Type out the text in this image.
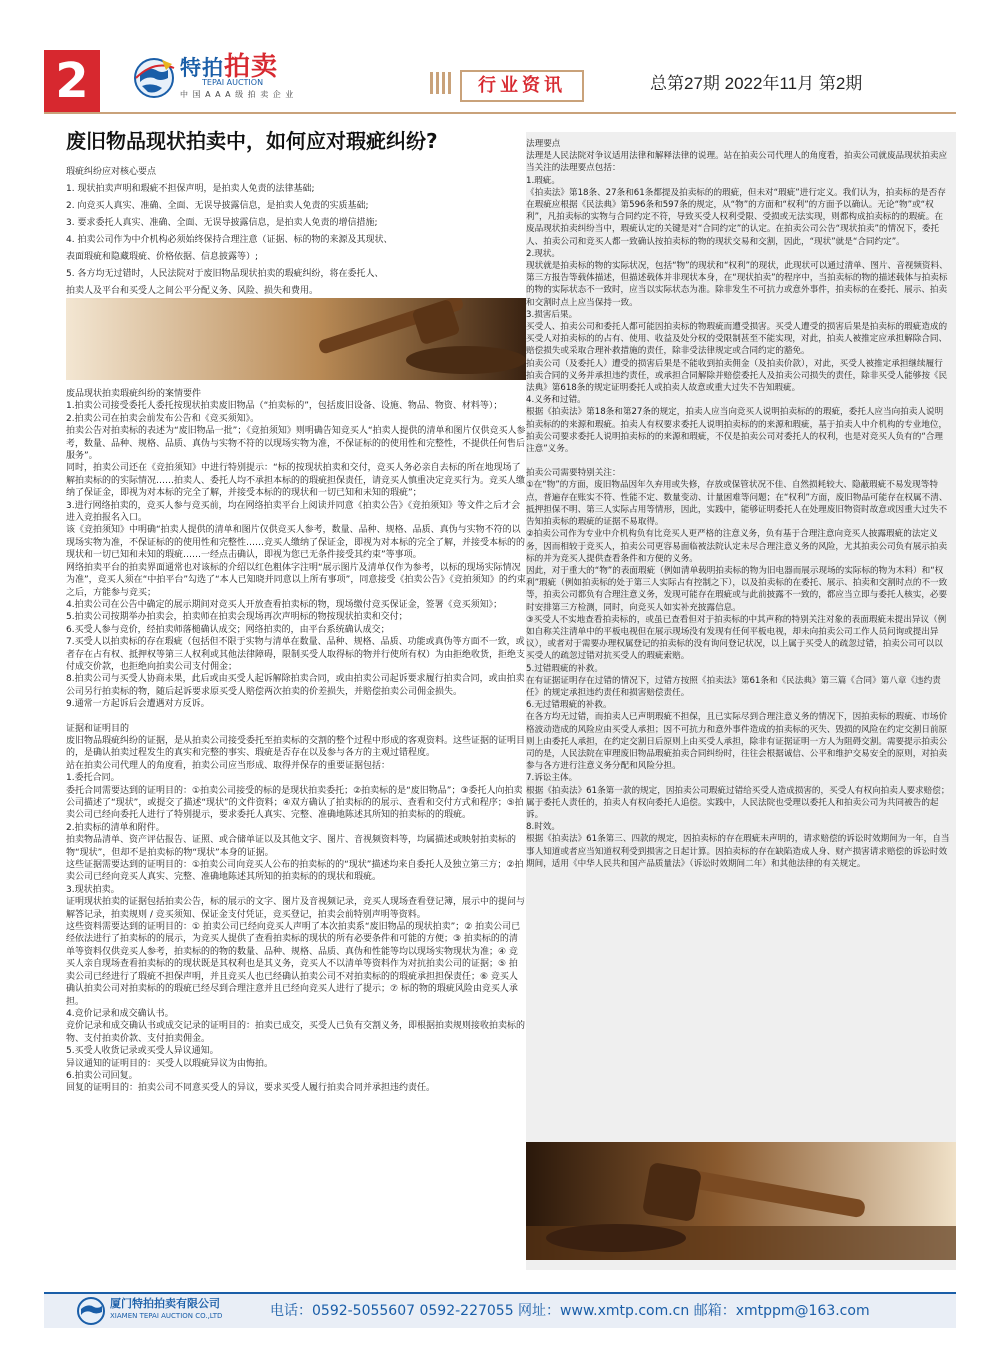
2	特拍拍卖
TEPAI AUCTION
中 国 A A A 级 拍 卖 企 业	行业资讯	总第27期 2022年11月 第2期
废旧物品现状拍卖中，如何应对瑕疵纠纷?

瑕疵纠纷应对核心要点

1. 现状拍卖声明和瑕疵不担保声明，是拍卖人免责的法律基础;

2. 向竞买人真实、准确、全面、无误导披露信息，是拍卖人免责的实质基础;

3. 要求委托人真实、准确、全面、无误导披露信息，是拍卖人免责的增信措施;

4. 拍卖公司作为中介机构必须始终保持合理注意（证据、标的物的来源及其现状、

表面瑕疵和隐藏瑕疵、价格依据、信息披露等）;

5. 各方均无过错时，人民法院对于废旧物品现状拍卖的瑕疵纠纷，将在委托人、

拍卖人及平台和买受人之间公平分配义务、风险、损失和费用。

废品现状拍卖瑕疵纠纷的案情要件

1.拍卖公司接受委托人委托按现状拍卖废旧物品（“拍卖标的”，包括废旧设备、设施、物品、物资、材料等）；

2.拍卖公司在拍卖会前发布公告和《竞买须知》。

拍卖公告对拍卖标的表述为“废旧物品一批”；《竞拍须知》则明确告知竞买人“拍卖人提供的清单和图片仅供竞买人参考，数量、品种、规格、品质、真伪与实物不符的以现场实物为准，不保证标的的使用性和完整性，不提供任何售后服务”。

同时，拍卖公司还在《竞拍须知》中进行特别提示：“标的按现状拍卖和交付，竞买人务必亲自去标的所在地现场了解拍卖标的的实际情况……拍卖人、委托人均不承担本标的的瑕疵担保责任，请竞买人慎重决定竞买行为。竞买人缴纳了保证金，即视为对本标的完全了解，并接受本标的的现状和一切已知和未知的瑕疵”；

3.进行网络拍卖的，竞买人参与竞买前，均在网络拍卖平台上阅读并同意《拍卖公告》《竞拍须知》等文件之后才会进入竞拍报名入口。

该《竞拍须知》中明确“拍卖人提供的清单和图片仅供竞买人参考，数量、品种、规格、品质、真伪与实物不符的以现场实物为准，不保证标的的使用性和完整性……竞买人缴纳了保证金，即视为对本标的完全了解，并接受本标的的现状和一切已知和未知的瑕疵……一经点击确认，即视为您已无条件接受其约束”等事项。

网络拍卖平台的拍卖界面通常也对该标的介绍以红色粗体字注明“展示图片及清单仅作为参考，以标的现场实际情况为准”，竞买人须在“中拍平台”勾选了“本人已知晓并同意以上所有事项”，同意接受《拍卖公告》《竞拍须知》的约束之后，方能参与竞买；

4.拍卖公司在公告中确定的展示期间对竞买人开放查看拍卖标的物，现场缴付竞买保证金，签署《竞买须知》；

5.拍卖公司按期举办拍卖会，拍卖师在拍卖会现场再次声明标的物按现状拍卖和交付；

6.买受人参与竞价，经拍卖师落槌确认成交；网络拍卖的，由平台系统确认成交；

7.买受人以拍卖标的存在瑕疵（包括但不限于实物与清单在数量、品种、规格、品质、功能或真伪等方面不一致，或者存在占有权、抵押权等第三人权利或其他法律障碍，限制买受人取得标的物并行使所有权）为由拒绝收货，拒绝支付成交价款，也拒绝向拍卖公司支付佣金；

8.拍卖公司与买受人协商未果，此后或由买受人起诉解除拍卖合同，或由拍卖公司起诉要求履行拍卖合同，或由拍卖公司另行拍卖标的物，随后起诉要求原买受人赔偿两次拍卖的价差损失，并赔偿拍卖公司佣金损失。

9.通常一方起诉后会遭遇对方反诉。

证据和证明目的

废旧物品瑕疵纠纷的证据，是从拍卖公司接受委托至拍卖标的交割的整个过程中形成的客观资料。这些证据的证明目的，是确认拍卖过程发生的真实和完整的事实、瑕疵是否存在以及参与各方的主观过错程度。

站在拍卖公司代理人的角度看，拍卖公司应当形成、取得并保存的重要证据包括：

1.委托合同。

委托合同需要达到的证明目的：①拍卖公司接受的标的是现状拍卖委托；②拍卖标的是“废旧物品”；③委托人向拍卖公司描述了“现状”，或提交了描述“现状”的文件资料；④双方确认了拍卖标的的展示、查看和交付方式和程序；⑤拍卖公司已经向委托人进行了特别提示，要求委托人真实、完整、准确地陈述其所知的拍卖标的的瑕疵。

2.拍卖标的清单和附件。

拍卖物品清单、资产评估报告、证照、或合储单证以及其他文字、图片、音视频资料等，均属描述或映射拍卖标的物“现状”，但却不是拍卖标的物“现状”本身的证据。

这些证据需要达到的证明目的：①拍卖公司向竞买人公布的拍卖标的的“现状”描述均来自委托人及独立第三方；②拍卖公司已经向竞买人真实、完整、准确地陈述其所知的拍卖标的的现状和瑕疵。

3.现状拍卖。

证明现状拍卖的证据包括拍卖公告，标的展示的文字、图片及音视频记录，竞买人现场查看登记簿，展示中的提问与解答记录，拍卖规则 / 竞买须知、保证金支付凭证，竞买登记，拍卖会前特别声明等资料。

这些资料需要达到的证明目的：① 拍卖公司已经向竞买人声明了本次拍卖系“废旧物品的现状拍卖”；② 拍卖公司已经依法进行了拍卖标的的展示，为竞买人提供了查看拍卖标的现状的所有必要条件和可能的方便；③ 拍卖标的的清单等资料仅供竞买人参考，拍卖标的的物的数量、品种、规格、品质、真伪和性能等均以现场实物现状为准；④ 竞买人亲自现场查看拍卖标的的现状既是其权利也是其义务，竞买人不以清单等资料作为对抗拍卖公司的证据；⑤ 拍卖公司已经进行了瑕疵不担保声明，并且竞买人也已经确认拍卖公司不对拍卖标的的瑕疵承担担保责任；⑥ 竞买人确认拍卖公司对拍卖标的的瑕疵已经尽到合理注意并且已经向竞买人进行了提示；⑦ 标的物的瑕疵风险由竞买人承担。

4.竞价记录和成交确认书。

竞价记录和成交确认书或成交记录的证明目的：拍卖已成交，买受人已负有交割义务，即根据拍卖规则接收拍卖标的物、支付拍卖价款、支付拍卖佣金。

5.买受人收货记录或买受人异议通知。

异议通知的证明目的：买受人以瑕疵异议为由悔拍。

6.拍卖公司回复。

回复的证明目的：拍卖公司不同意买受人的异议，要求买受人履行拍卖合同并承担违约责任。

法理要点

法理是人民法院对争议适用法律和解释法律的说理。站在拍卖公司代理人的角度看，拍卖公司就废品现状拍卖应当关注的法理要点包括：

1.瑕疵。

《拍卖法》第18条、27条和61条都提及拍卖标的的瑕疵，但未对“瑕疵”进行定义。我们认为，拍卖标的是否存在瑕疵应根据《民法典》第596条和597条的规定，从“物”的方面和“权利”的方面予以确认。无论“物”或“权利”，凡拍卖标的实物与合同约定不符，导致买受人权利受限、受损或无法实现，则都构成拍卖标的的瑕疵。在废品现状拍卖纠纷当中，瑕疵认定的关键是对“合同约定”的认定。在拍卖公司公告“现状拍卖”的情况下，委托人、拍卖公司和竞买人都一致确认按拍卖标的物的现状交易和交割，因此，“现状”就是“合同约定”。

2.现状。

现状就是拍卖标的物的实际状况，包括“物”的现状和“权利”的现状，此现状可以通过清单、图片、音视频资料、第三方报告等载体描述，但描述载体并非现状本身，在“现状拍卖”的程序中，当拍卖标的物的描述载体与拍卖标的物的实际状态不一致时，应当以实际状态为准。除非发生不可抗力或意外事件，拍卖标的在委托、展示、拍卖和交割时点上应当保持一致。

3.损害后果。

买受人、拍卖公司和委托人都可能因拍卖标的物瑕疵而遭受损害。买受人遭受的损害后果是拍卖标的瑕疵造成的买受人对拍卖标的的占有、使用、收益及处分权的受限制甚至不能实现，对此，拍卖人被推定应承担解除合同、赔偿损失或采取合理补救措施的责任，除非受法律规定或合同约定的豁免。

拍卖公司（及委托人）遭受的损害后果是不能收到拍卖佣金（及拍卖价款），对此，买受人被推定承担继续履行拍卖合同的义务并承担违约责任，或承担合同解除并赔偿委托人及拍卖公司损失的责任，除非买受人能够按《民法典》第618条的规定证明委托人或拍卖人故意或重大过失不告知瑕疵。

4.义务和过错。

根据《拍卖法》第18条和第27条的规定，拍卖人应当向竞买人说明拍卖标的的瑕疵，委托人应当向拍卖人说明拍卖标的的来源和瑕疵。拍卖人有权要求委托人说明拍卖标的的来源和瑕疵，基于拍卖人中介机构的专业地位，拍卖公司要求委托人说明拍卖标的的来源和瑕疵，不仅是拍卖公司对委托人的权利，也是对竞买人负有的“合理注意”义务。

拍卖公司需要特别关注：

①在“物”的方面，废旧物品因年久弃用或失修，存放或保管状况不佳、自然损耗较大、隐蔽瑕疵不易发现等特点，普遍存在账实不符、性能不定、数量变动、计量困难等问题；在“权利”方面，废旧物品可能存在权属不清、抵押担保不明、第三人实际占用等情形，因此，实践中，能够证明委托人在处理废旧物资时故意或因重大过失不告知拍卖标的瑕疵的证据不易取得。

②拍卖公司作为专业中介机构负有比竞买人更严格的注意义务，负有基于合理注意向竞买人披露瑕疵的法定义务，因而相较于竞买人，拍卖公司更容易面临被法院认定未尽合理注意义务的风险，尤其拍卖公司负有展示拍卖标的并为竞买人提供查看条件和方便的义务。

因此，对于重大的“物”的表面瑕疵（例如清单载明拍卖标的物为旧电器而展示现场的实际标的物为木料）和“权利”瑕疵（例如拍卖标的处于第三人实际占有控制之下），以及拍卖标的在委托、展示、拍卖和交割时点的不一致等，拍卖公司都负有合理注意义务，发现可能存在瑕疵或与此前披露不一致的，都应当立即与委托人核实，必要时安排第三方检测，同时，向竞买人如实补充披露信息。

③买受人不实地查看拍卖标的，或虽已查看但对于拍卖标的中其声称的特别关注对象的表面瑕疵未提出异议（例如自称关注清单中的平板电视但在展示现场没有发现有任何平板电视，却未向拍卖公司工作人员问询或提出异议），或者对于需要办理权属登记的拍卖标的没有询问登记状况，以上属于买受人的疏忽过错，拍卖公司可以以买受人的疏忽过错对抗买受人的瑕疵索赔。

5.过错瑕疵的补救。

在有证据证明存在过错的情况下，过错方按照《拍卖法》第61条和《民法典》第三篇《合同》第八章《违约责任》的规定承担违约责任和损害赔偿责任。

6.无过错瑕疵的补救。

在各方均无过错，而拍卖人已声明瑕疵不担保，且已实际尽到合理注意义务的情况下，因拍卖标的瑕疵、市场价格波动造成的风险应由买受人承担；因不可抗力和意外事件造成的拍卖标的灭失、毁损的风险在约定交割日前原则上由委托人承担，在约定交割日后原则上由买受人承担，除非有证据证明一方人为阻碍交割。需要提示拍卖公司的是，人民法院在审理废旧物品瑕疵拍卖合同纠纷时，往往会根据诚信、公平和维护交易安全的原则，对拍卖参与各方进行注意义务分配和风险分担。

7.诉讼主体。

根据《拍卖法》61条第一款的规定，因拍卖公司瑕疵过错给买受人造成损害的，买受人有权向拍卖人要求赔偿；属于委托人责任的，拍卖人有权向委托人追偿。实践中，人民法院也受理以委托人和拍卖公司为共同被告的起诉。

8.时效。

根据《拍卖法》61条第三、四款的规定，因拍卖标的存在瑕疵未声明的，请求赔偿的诉讼时效期间为一年，自当事人知道或者应当知道权利受到损害之日起计算。因拍卖标的存在缺陷造成人身、财产损害请求赔偿的诉讼时效期间，适用《中华人民共和国产品质量法》（诉讼时效期间二年）和其他法律的有关规定。

厦门特拍拍卖有限公司
XIAMEN TEPAI AUCTION CO.,LTD	电话：0592-5055607 0592-227055 网址：www.xmtp.com.cn 邮箱：xmtppm@163.com
